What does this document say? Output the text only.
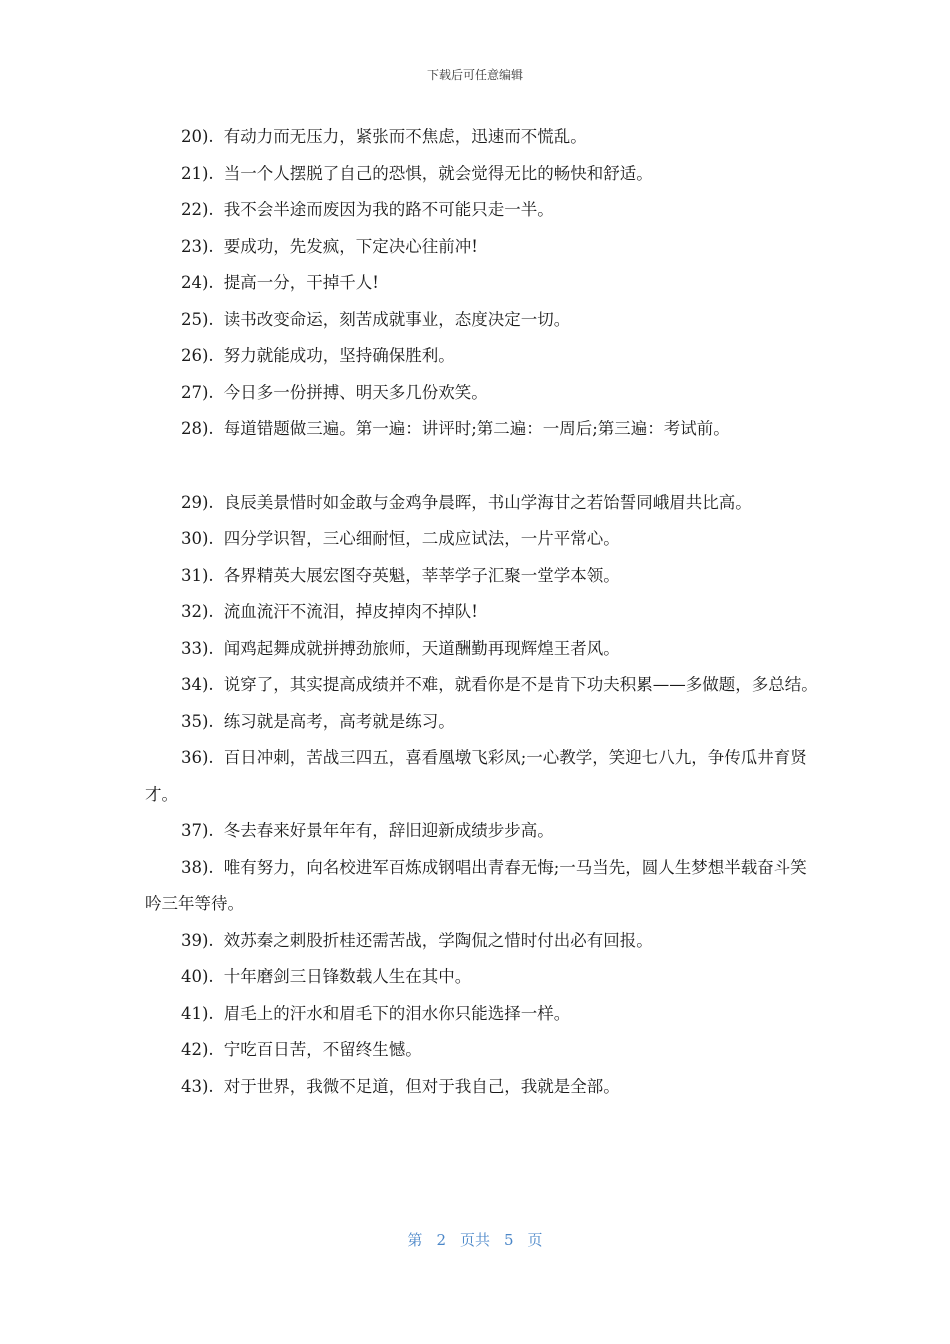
下载后可任意编辑

20). 有动力而无压力，紧张而不焦虑，迅速而不慌乱。

21). 当一个人摆脱了自己的恐惧，就会觉得无比的畅快和舒适。

22). 我不会半途而废因为我的路不可能只走一半。

23). 要成功，先发疯，下定决心往前冲!

24). 提高一分，干掉千人!

25). 读书改变命运，刻苦成就事业，态度决定一切。

26). 努力就能成功，坚持确保胜利。

27). 今日多一份拼搏、明天多几份欢笑。

28). 每道错题做三遍。第一遍：讲评时;第二遍：一周后;第三遍：考试前。

29). 良辰美景惜时如金敢与金鸡争晨晖，书山学海甘之若饴誓同峨眉共比高。

30). 四分学识智，三心细耐恒，二成应试法，一片平常心。

31). 各界精英大展宏图夺英魁，莘莘学子汇聚一堂学本领。

32). 流血流汗不流泪，掉皮掉肉不掉队!

33). 闻鸡起舞成就拼搏劲旅师，天道酬勤再现辉煌王者风。

34). 说穿了，其实提高成绩并不难，就看你是不是肯下功夫积累——多做题，多总结。

35). 练习就是高考，高考就是练习。

36). 百日冲刺，苦战三四五，喜看凰墩飞彩凤;一心教学，笑迎七八九，争传瓜井育贤才。

37). 冬去春来好景年年有，辞旧迎新成绩步步高。

38). 唯有努力，向名校进军百炼成钢唱出青春无悔;一马当先，圆人生梦想半载奋斗笑吟三年等待。

39). 效苏秦之刺股折桂还需苦战，学陶侃之惜时付出必有回报。

40). 十年磨剑三日锋数载人生在其中。

41). 眉毛上的汗水和眉毛下的泪水你只能选择一样。

42). 宁吃百日苦，不留终生憾。

43). 对于世界，我微不足道，但对于我自己，我就是全部。

第 2 页共 5 页
